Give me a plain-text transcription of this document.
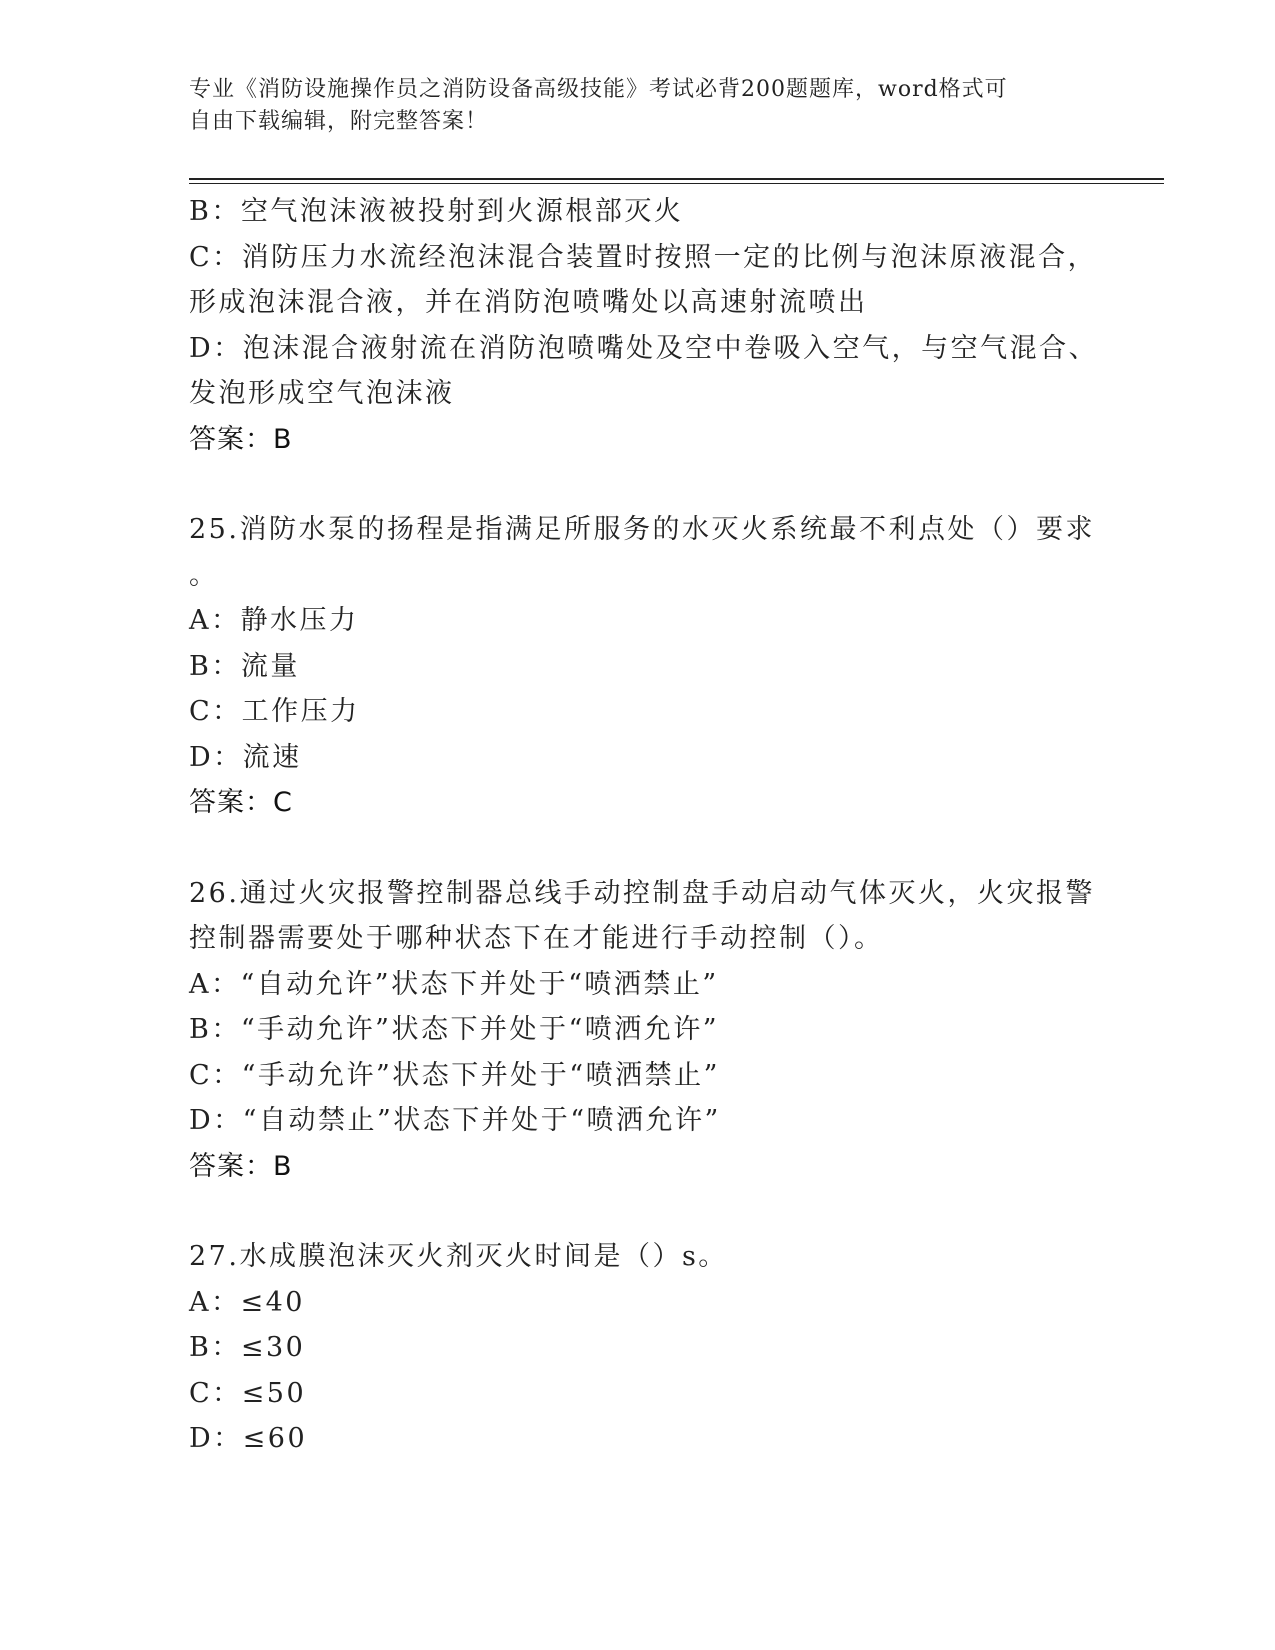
专业《消防设施操作员之消防设备高级技能》考试必背200题题库，word格式可
自由下载编辑，附完整答案！
B：空气泡沫液被投射到火源根部灭火
C：消防压力水流经泡沫混合装置时按照一定的比例与泡沫原液混合，
形成泡沫混合液，并在消防泡喷嘴处以高速射流喷出
D：泡沫混合液射流在消防泡喷嘴处及空中卷吸入空气，与空气混合、
发泡形成空气泡沫液
答案：B
25.消防水泵的扬程是指满足所服务的水灭火系统最不利点处（）要求
。
A：静水压力
B：流量
C：工作压力
D：流速
答案：C
26.通过火灾报警控制器总线手动控制盘手动启动气体灭火，火灾报警
控制器需要处于哪种状态下在才能进行手动控制（）。
A：“自动允许”状态下并处于“喷洒禁止”
B：“手动允许”状态下并处于“喷洒允许”
C：“手动允许”状态下并处于“喷洒禁止”
D：“自动禁止”状态下并处于“喷洒允许”
答案：B
27.水成膜泡沫灭火剂灭火时间是（）s。
A：≤40
B：≤30
C：≤50
D：≤60
